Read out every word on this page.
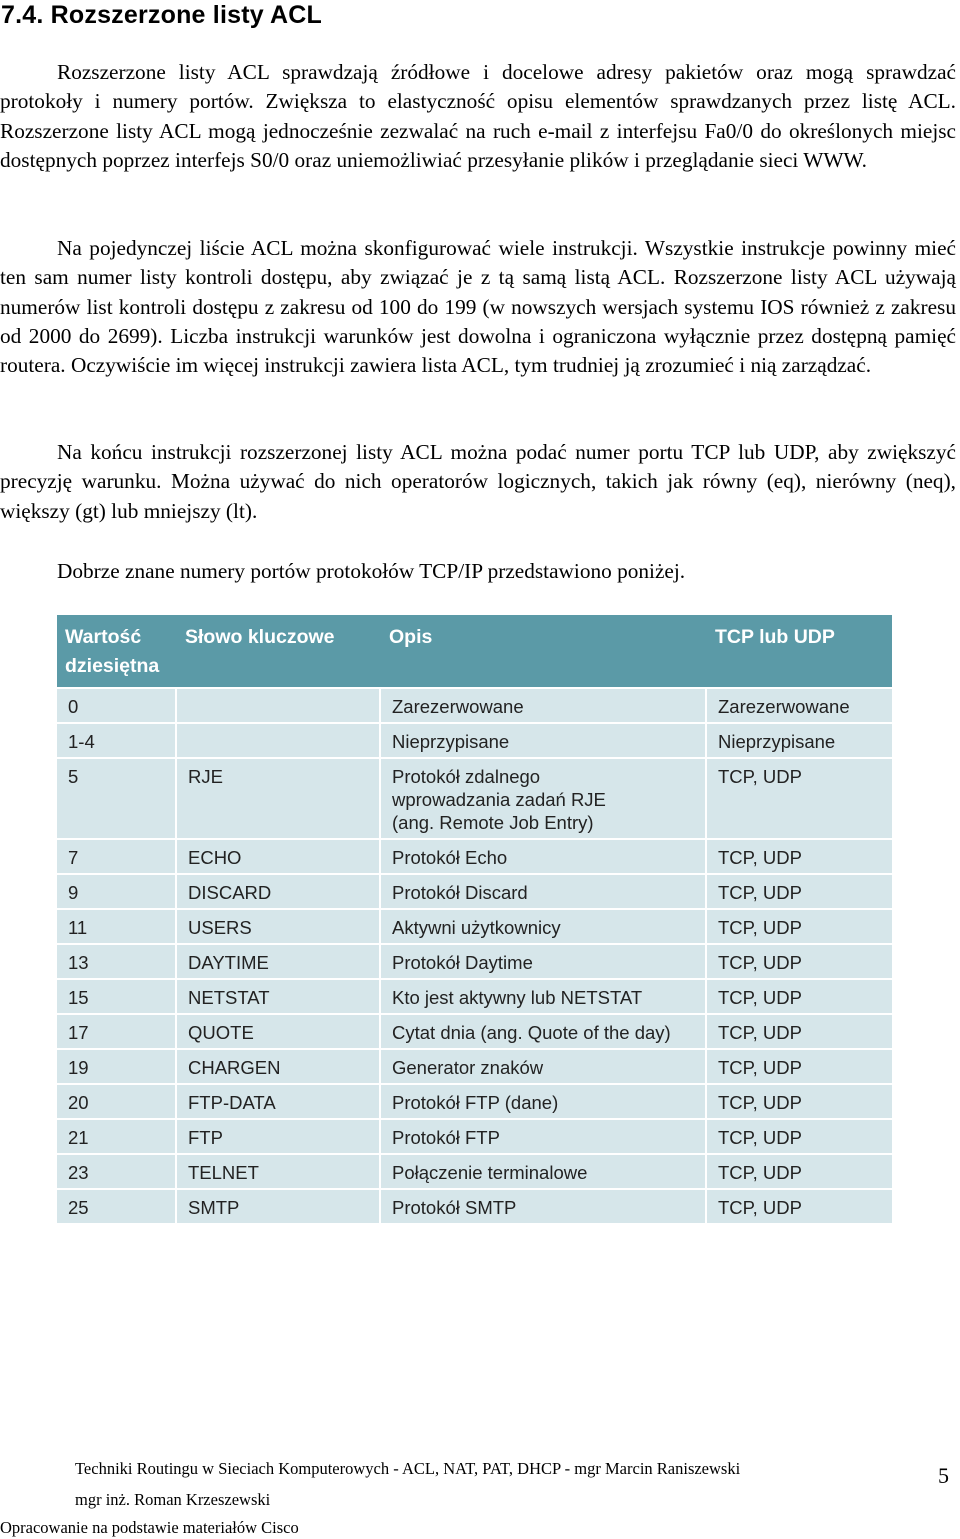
7.4. Rozszerzone listy ACL

Rozszerzone listy ACL sprawdzają źródłowe i docelowe adresy pakietów oraz mogą sprawdzać protokoły i numery portów. Zwiększa to elastyczność opisu elementów sprawdzanych przez listę ACL. Rozszerzone listy ACL mogą jednocześnie zezwalać na ruch e-mail z interfejsu Fa0/0 do określonych miejsc dostępnych poprzez interfejs S0/0 oraz uniemożliwiać przesyłanie plików i przeglądanie sieci WWW.

Na pojedynczej liście ACL można skonfigurować wiele instrukcji. Wszystkie instrukcje powinny mieć ten sam numer listy kontroli dostępu, aby związać je z tą samą listą ACL. Rozszerzone listy ACL używają numerów list kontroli dostępu z zakresu od 100 do 199 (w nowszych wersjach systemu IOS również z zakresu od 2000 do 2699). Liczba instrukcji warunków jest dowolna i ograniczona wyłącznie przez dostępną pamięć routera. Oczywiście im więcej instrukcji zawiera lista ACL, tym trudniej ją zrozumieć i nią zarządzać.

Na końcu instrukcji rozszerzonej listy ACL można podać numer portu TCP lub UDP, aby zwiększyć precyzję warunku. Można używać do nich operatorów logicznych, takich jak równy (eq), nierówny (neq), większy (gt) lub mniejszy (lt).

Dobrze znane numery portów protokołów TCP/IP przedstawiono poniżej.

Wartość
dziesiętna	Słowo kluczowe	Opis	TCP lub UDP
0		Zarezerwowane	Zarezerwowane
1-4		Nieprzypisane	Nieprzypisane
5	RJE	Protokół zdalnego
wprowadzania zadań RJE
(ang. Remote Job Entry)	TCP, UDP
7	ECHO	Protokół Echo	TCP, UDP
9	DISCARD	Protokół Discard	TCP, UDP
11	USERS	Aktywni użytkownicy	TCP, UDP
13	DAYTIME	Protokół Daytime	TCP, UDP
15	NETSTAT	Kto jest aktywny lub NETSTAT	TCP, UDP
17	QUOTE	Cytat dnia (ang. Quote of the day)	TCP, UDP
19	CHARGEN	Generator znaków	TCP, UDP
20	FTP-DATA	Protokół FTP (dane)	TCP, UDP
21	FTP	Protokół FTP	TCP, UDP
23	TELNET	Połączenie terminalowe	TCP, UDP
25	SMTP	Protokół SMTP	TCP, UDP
Techniki Routingu w Sieciach Komputerowych - ACL, NAT, PAT, DHCP - mgr Marcin Raniszewski
mgr inż. Roman Krzeszewski
Opracowanie na podstawie materiałów Cisco
5
